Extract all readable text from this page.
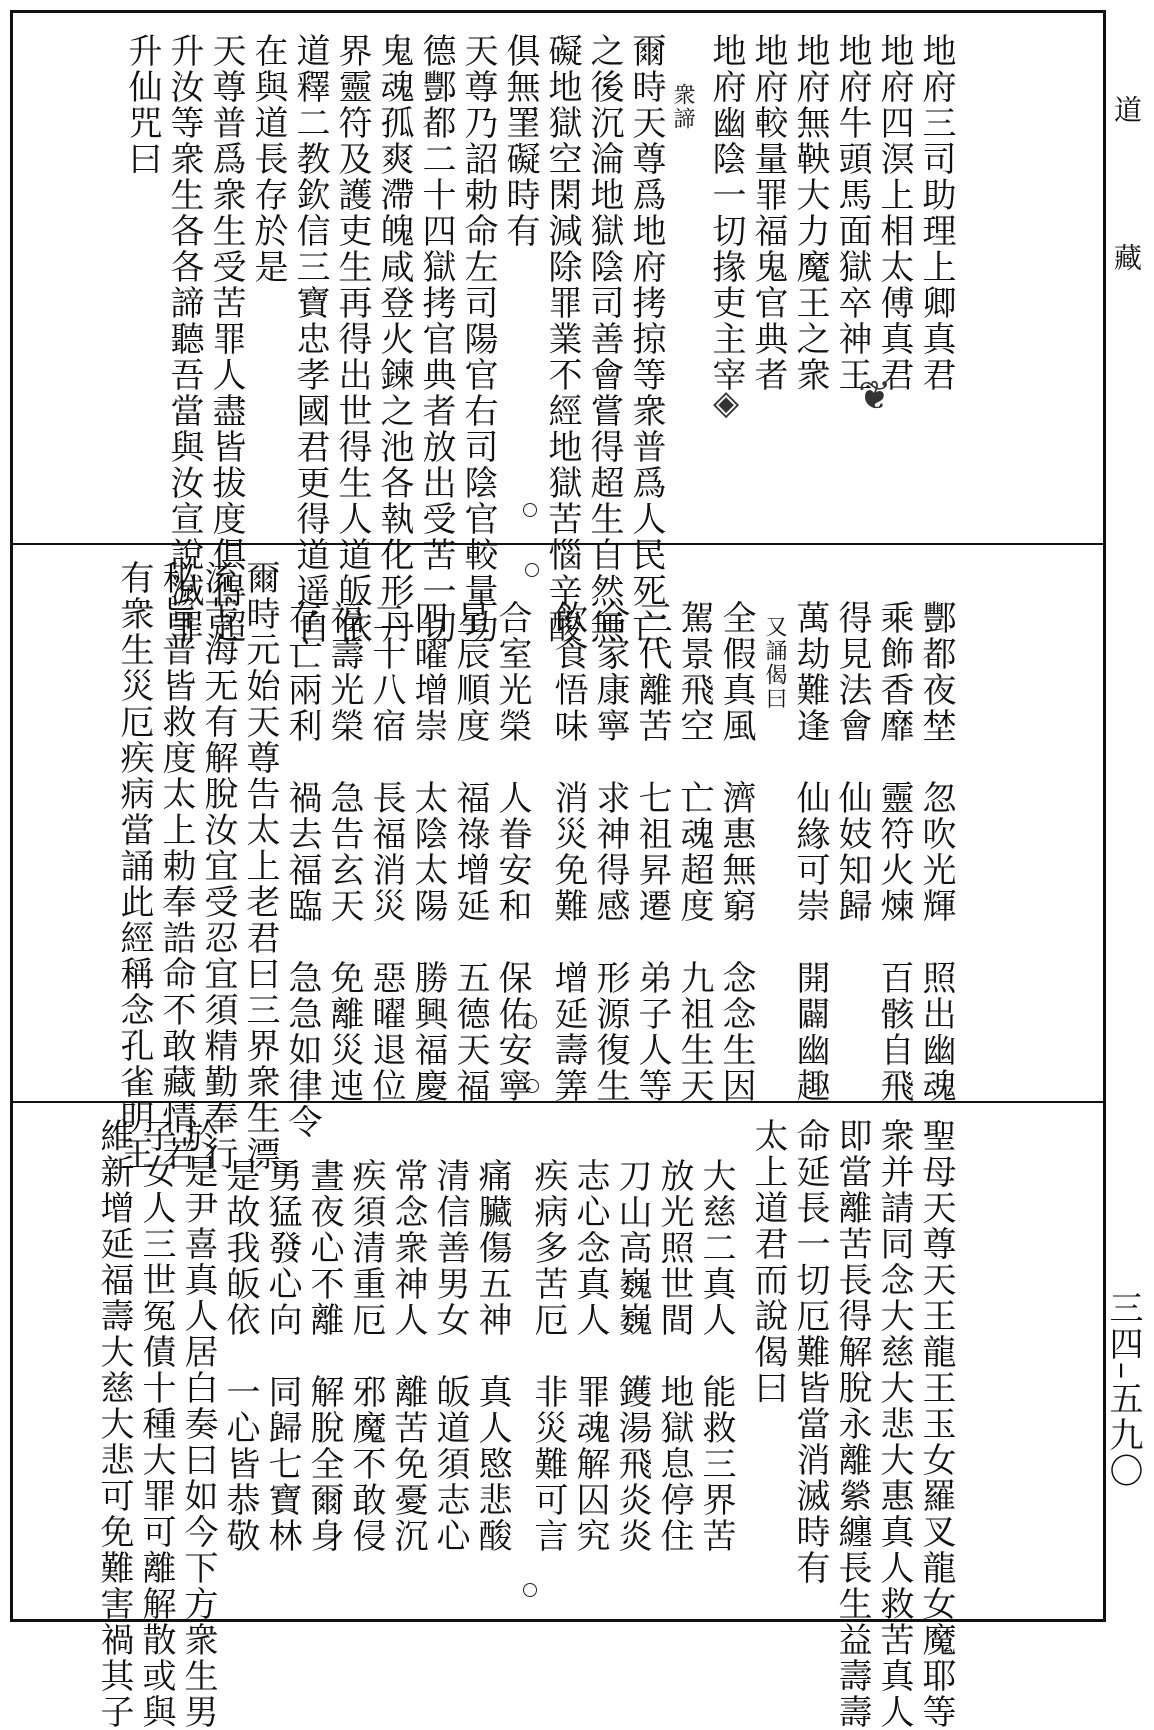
地府三司助理上卿真君
地府四溟上相太傅真君
地府牛頭馬面獄卒神王
地府無鞅大力魔王之衆
地府較量罪福鬼官典者
地府幽陰一切掾吏主宰
衆諦
爾時天尊爲地府拷掠等衆普爲人民死亡
之後沉淪地獄陰司善會嘗得超生自然無
礙地獄空閑減除罪業不經地獄苦惱辛酸
俱無罣礙時有
天尊乃詔勅命左司陽官右司陰官較量功
德酆都二十四獄拷官典者放出受苦一切
鬼魂孤爽滯魄咸登火鍊之池各執化形丹
界靈符及護吏生再得出世得生人道皈依
道釋二教欽信三寶忠孝國君更得道遥自
在與道長存於是
天尊普爲衆生受苦罪人盡皆拔度俱得超
升汝等衆生各各諦聽吾當與汝宣說滅罪
升仙咒曰
◈	❦
酆都夜埜　忽吹光輝　照出幽魂
乘飾香靡　靈符火煉　百骸自飛
得見法會　仙妓知歸
萬劫難逢　仙緣可崇　開闢幽趣
又誦偈曰
全假真風　濟惠無窮　念念生因
駕景飛空　亡魂超度　九祖生天
三代離苦　七祖昇遷　弟子人等
合家康寧　求神得感　形源復生
飲食悟味　消災免難　增延壽筭
合室光榮　人眷安和　保佑安寧
星辰順度　福祿增延　五德天福
四曜增崇　太陰太陽　勝興福慶
二十八宿　長福消災　惡曜退位
福壽光榮　急告玄天　免離災迍
存亡兩利　禍去福臨　急急如律令
爾時元始天尊告太上老君曰三界衆生漂
流苦海无有解脫汝宜受忍宜須精勤奉行
秘旨普皆救度太上勅奉誥命不敢藏情若
有衆生災厄疾病當誦此經稱念孔雀明王
聖母天尊天王龍王玉女羅叉龍女魔耶等
衆并請同念大慈大悲大惠真人救苦真人
即當離苦長得解脫永離縈纏長生益壽壽
命延長一切厄難皆當消滅時有
太上道君而說偈曰
大慈二真人　能救三界苦
放光照世間　地獄息停住
刀山高巍巍　鑊湯飛炎炎
志心念真人　罪魂解囚究
疾病多苦厄　非災難可言
痛臟傷五神　真人愍悲酸
清信善男女　皈道須志心
常念衆神人　離苦免憂沉
疾須清重厄　邪魔不敢侵
晝夜心不離　解脫全爾身
勇猛發心向　同歸七寶林
是故我皈依　一心皆恭敬
於是尹喜真人居白奏曰如今下方衆生男
子女人三世冤債十種大罪可離解散或與
維新增延福壽大慈大悲可免難害禍其子
道藏
三四–五九〇
